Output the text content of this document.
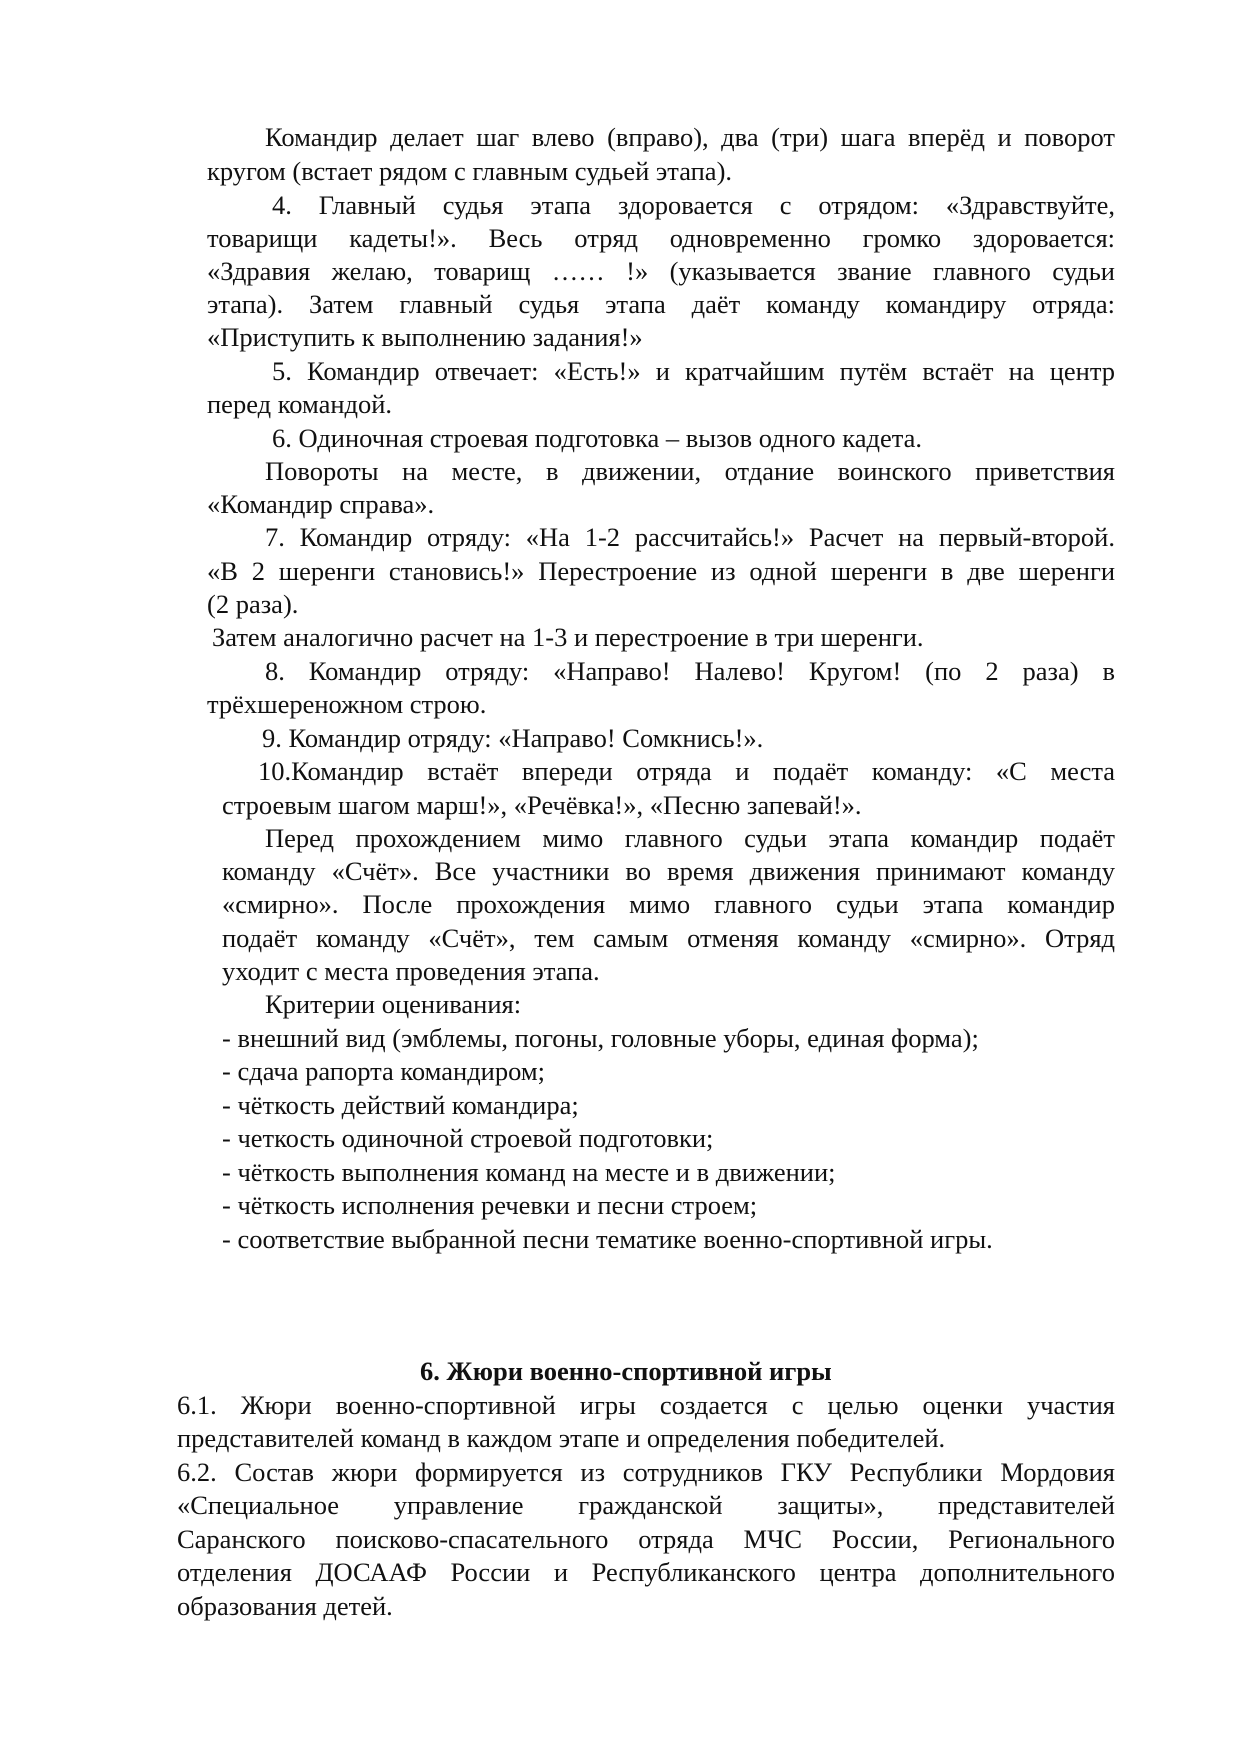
Командир делает шаг влево (вправо), два (три) шага вперёд и поворот
кругом (встает рядом с главным судьей этапа).
4. Главный судья этапа здоровается с отрядом: «Здравствуйте,
товарищи кадеты!». Весь отряд одновременно громко здоровается:
«Здравия желаю, товарищ …… !» (указывается звание главного судьи
этапа). Затем главный судья этапа даёт команду командиру отряда:
«Приступить к выполнению задания!»
5. Командир отвечает: «Есть!» и кратчайшим путём встаёт на центр
перед командой.
6. Одиночная строевая подготовка – вызов одного кадета.
Повороты на месте, в движении, отдание воинского приветствия
«Командир справа».
7. Командир отряду: «На 1-2 рассчитайсь!» Расчет на первый-второй.
«В 2 шеренги становись!» Перестроение из одной шеренги в две шеренги
(2 раза).
Затем аналогично расчет на 1-3 и перестроение в три шеренги.
8. Командир отряду: «Направо! Налево! Кругом! (по 2 раза) в
трёхшереножном строю.
9. Командир отряду: «Направо! Сомкнись!».
10.Командир встаёт впереди отряда и подаёт команду: «С места
строевым шагом марш!», «Речёвка!», «Песню запевай!».
Перед прохождением мимо главного судьи этапа командир подаёт
команду «Счёт». Все участники во время движения принимают команду
«смирно». После прохождения мимо главного судьи этапа командир
подаёт команду «Счёт», тем самым отменяя команду «смирно». Отряд
уходит с места проведения этапа.
Критерии оценивания:
- внешний вид (эмблемы, погоны, головные уборы, единая форма);
- сдача рапорта командиром;
- чёткость действий командира;
- четкость одиночной строевой подготовки;
- чёткость выполнения команд на месте и в движении;
- чёткость исполнения речевки и песни строем;
- соответствие выбранной песни тематике военно-спортивной игры.
6. Жюри военно-спортивной игры
6.1. Жюри военно-спортивной игры создается с целью оценки участия
представителей команд в каждом этапе и определения победителей.
6.2. Состав жюри формируется из сотрудников ГКУ Республики Мордовия
«Специальное управление гражданской защиты», представителей
Саранского поисково-спасательного отряда МЧС России, Регионального
отделения ДОСААФ России и Республиканского центра дополнительного
образования детей.
